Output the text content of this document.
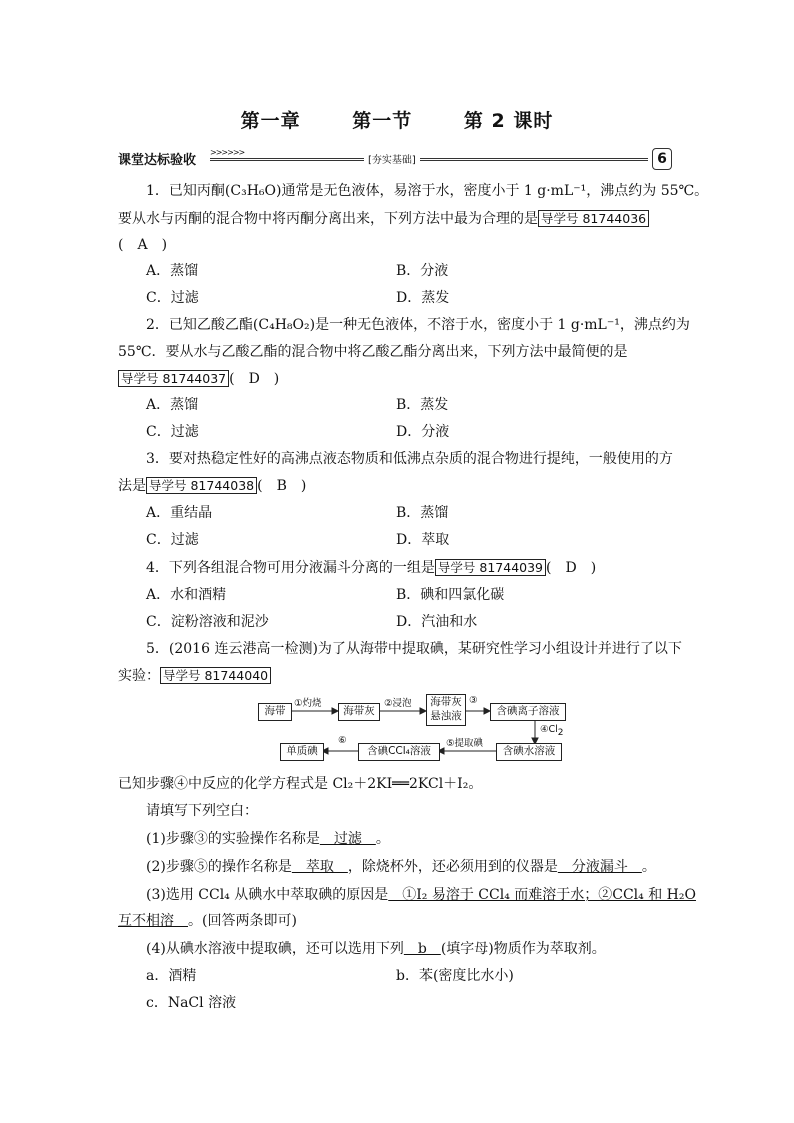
第一章	第一节	第 2 课时
课堂达标验收
>>>>>>
[夯实基础]	6
1．已知丙酮(C₃H₆O)通常是无色液体，易溶于水，密度小于 1 g·mL⁻¹，沸点约为 55℃。
要从水与丙酮的混合物中将丙酮分离出来，下列方法中最为合理的是 导学号 81744036
(　A　)
A．蒸馏	B．分液
C．过滤	D．蒸发
2．已知乙酸乙酯(C₄H₈O₂)是一种无色液体，不溶于水，密度小于 1 g·mL⁻¹，沸点约为
55℃．要从水与乙酸乙酯的混合物中将乙酸乙酯分离出来，下列方法中最简便的是
导学号 81744037 (　D　)
A．蒸馏	B．蒸发
C．过滤	D．分液
3．要对热稳定性好的高沸点液态物质和低沸点杂质的混合物进行提纯，一般使用的方
法是 导学号 81744038 (　B　)
A．重结晶	B．蒸馏
C．过滤	D．萃取
4．下列各组混合物可用分液漏斗分离的一组是 导学号 81744039 (　D　)
A．水和酒精	B．碘和四氯化碳
C．淀粉溶液和泥沙	D．汽油和水
5．(2016 连云港高一检测)为了从海带中提取碘，某研究性学习小组设计并进行了以下
实验： 导学号 81744040
海带
①灼烧
海带灰
②浸泡	海带灰
悬浊液
③
含碘离子溶液
$④Cl_2$
含碘水溶液
⑤提取碘
含碘CCl₄溶液
⑥
单质碘
已知步骤④中反应的化学方程式是 Cl₂＋2KI══2KCl＋I₂。
请填写下列空白：
(1)步骤③的实验操作名称是　过滤　。
(2)步骤⑤的操作名称是　萃取　，除烧杯外，还必须用到的仪器是　分液漏斗　。
(3)选用 CCl₄ 从碘水中萃取碘的原因是　①I₂ 易溶于 CCl₄ 而难溶于水；②CCl₄ 和 H₂O
互不相溶　。(回答两条即可)
(4)从碘水溶液中提取碘，还可以选用下列　b　(填字母)物质作为萃取剂。
a．酒精	b．苯(密度比水小)
c．NaCl 溶液
